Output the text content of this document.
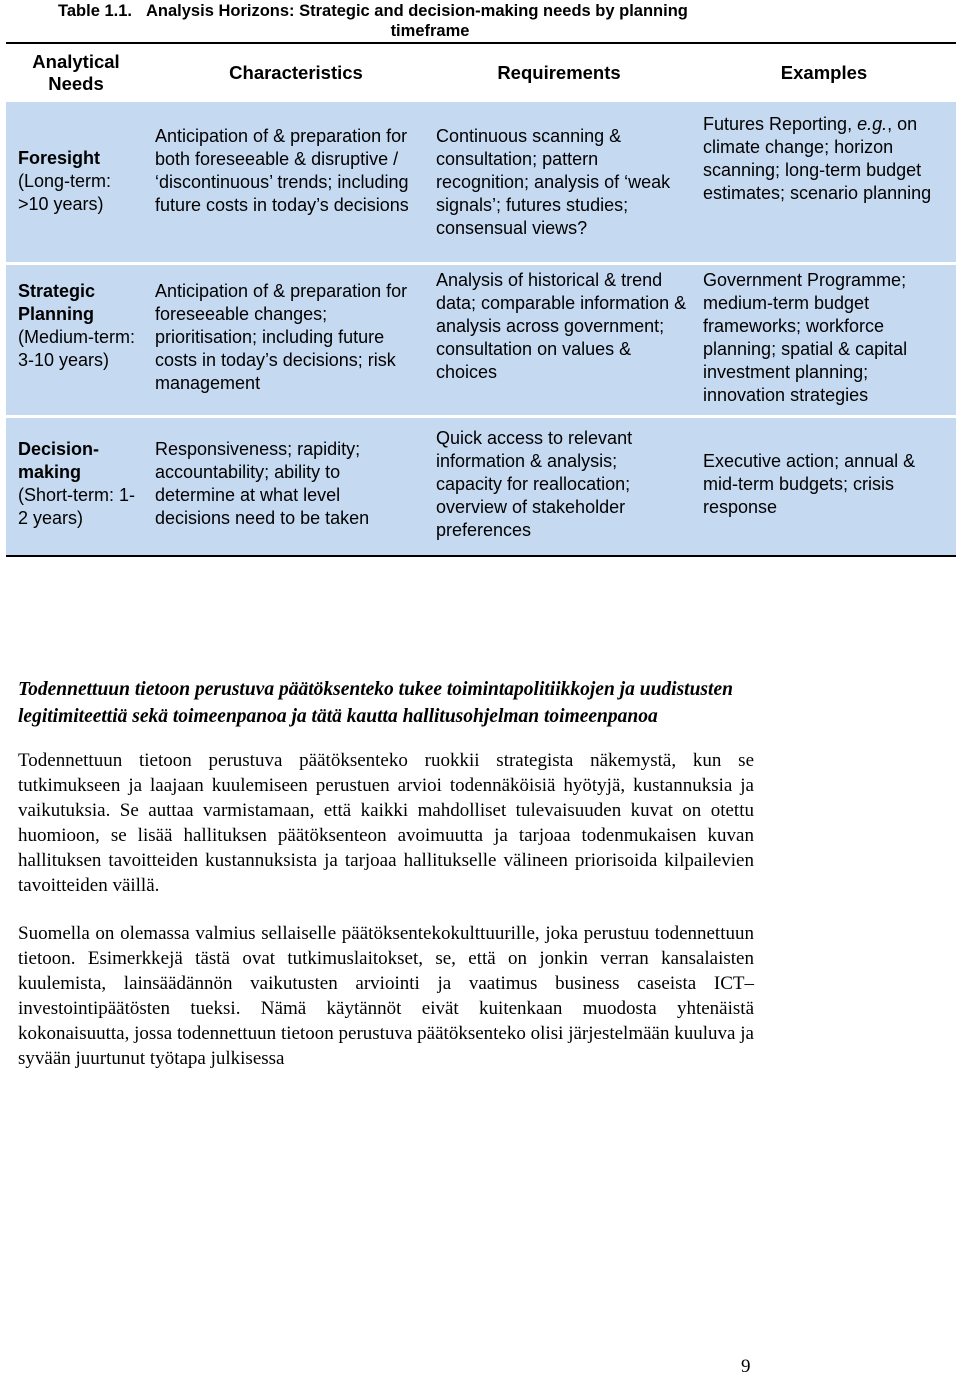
Table 1.1. Analysis Horizons: Strategic and decision-making needs by planning
timeframe
Analytical Needs
Characteristics	Requirements	Examples
Foresight
(Long-term: >10 years)
Anticipation of & preparation for both foreseeable & disruptive / ‘discontinuous’ trends; including future costs in today’s decisions
Continuous scanning & consultation; pattern recognition; analysis of ‘weak signals’; futures studies; consensual views?
Futures Reporting, e.g., on climate change; horizon scanning; long-term budget estimates; scenario planning
Strategic Planning
(Medium-term: 3-10 years)
Anticipation of & preparation for foreseeable changes; prioritisation; including future costs in today’s decisions; risk management
Analysis of historical & trend data; comparable information & analysis across government; consultation on values & choices
Government Programme; medium-term budget frameworks; workforce planning; spatial & capital investment planning; innovation strategies
Decision-making
(Short-term: 1-2 years)
Responsiveness; rapidity; accountability; ability to determine at what level decisions need to be taken
Quick access to relevant information & analysis; capacity for reallocation; overview of stakeholder preferences
Executive action; annual & mid-term budgets; crisis response

Todennettuun tietoon perustuva päätöksenteko tukee toimintapolitiikkojen ja uudistusten legitimiteettiä sekä toimeenpanoa ja tätä kautta hallitusohjelman toimeenpanoa

Todennettuun tietoon perustuva päätöksenteko ruokkii strategista näkemystä, kun se tutkimukseen ja laajaan kuulemiseen perustuen arvioi todennäköisiä hyötyjä, kustannuksia ja vaikutuksia. Se auttaa varmistamaan, että kaikki mahdolliset tulevaisuuden kuvat on otettu huomioon, se lisää hallituksen päätöksenteon avoimuutta ja tarjoaa todenmukaisen kuvan hallituksen tavoitteiden kustannuksista ja tarjoaa hallitukselle välineen priorisoida kilpailevien tavoitteiden väillä.

Suomella on olemassa valmius sellaiselle päätöksentekokulttuurille, joka perustuu todennettuun tietoon. Esimerkkejä tästä ovat tutkimuslaitokset, se, että on jonkin verran kansalaisten kuulemista, lainsäädännön vaikutusten arviointi ja vaatimus business caseista ICT–investointipäätösten tueksi. Nämä käytännöt eivät kuitenkaan muodosta yhtenäistä kokonaisuutta, jossa todennettuun tietoon perustuva päätöksenteko olisi järjestelmään kuuluva ja syvään juurtunut työtapa julkisessa

9
